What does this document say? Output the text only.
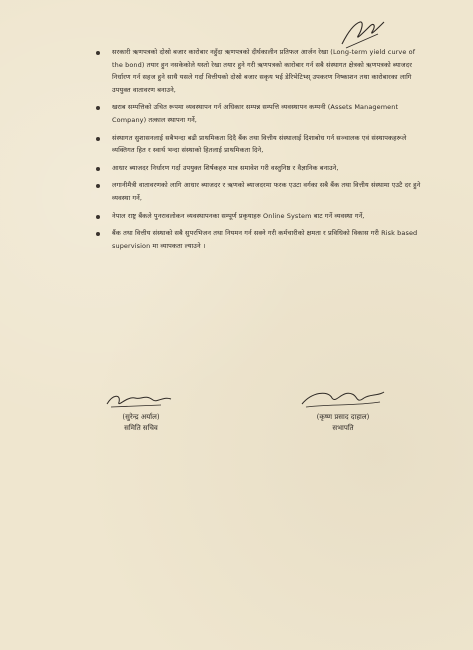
सरकारी ऋणपत्रको दोस्रो बजार कारोबार नहुँदा ऋणपत्रको दीर्घकालीन प्रतिफल आर्जन रेखा (Long-term yield curve of the bond) तयार हुन नसकेकोले यस्तो रेखा तयार हुने गरी ऋणपत्रको कारोबार गर्न सबै संस्थागत क्षेत्रको ऋणपत्रको ब्याजदर निर्धारण गर्न सहज हुने साथै यसले गर्दा वित्तीयको दोस्रो बजार सकृय भई डेरिभेटिभ्स् उपकरण निष्काशन तथा कारोबारका लागि उपयुक्त वातावरण बनाउने,
खराब सम्पत्तिको उचित रूपमा व्यवस्थापन गर्न अधिकार सम्पन्न सम्पत्ति व्यवस्थापन कम्पनी (Assets Management Company) तत्काल स्थापना गर्ने,
संस्थागत सुशासनलाई सबैभन्दा बढी प्राथमिकता दिदै बैंक तथा वित्तीय संस्थालाई दिशाबोध गर्न सञ्चालक एवं संस्थापकहरूले व्यक्तिगत हित र स्वार्थ भन्दा संस्थाको हितलाई प्राथमिकता दिने,
आधार ब्याजदर निर्धारण गर्दा उपयुक्त शिर्षकहरु मात्र समावेश गरी वस्तुनिष्ठ र वैज्ञानिक बनाउने,
लगानीमैत्री वातावरणको लागि आधार ब्याजदर र ऋणको ब्याजदरमा फरक एउटा वर्गका सबै बैंक तथा वित्तीय संस्थामा एउटै दर हुने व्यवस्था गर्ने,
नेपाल राष्ट्र बैंकले पुनरावलोकन व्यवस्थापनका सम्पूर्ण प्रकृयाहरु Online System बाट गर्ने व्यवस्था गर्ने,
बैंक तथा वित्तीय संस्थाको सबै सुपरभिजन तथा नियमन गर्न सक्ने गरी कर्मचारीको क्षमता र प्रविधिको विकास गरी Risk based supervision मा व्यापकता ल्याउने ।
(सुरेन्द्र अर्याल)
समिति सचिव
(कृष्ण प्रसाद दाहाल)
सभापति
